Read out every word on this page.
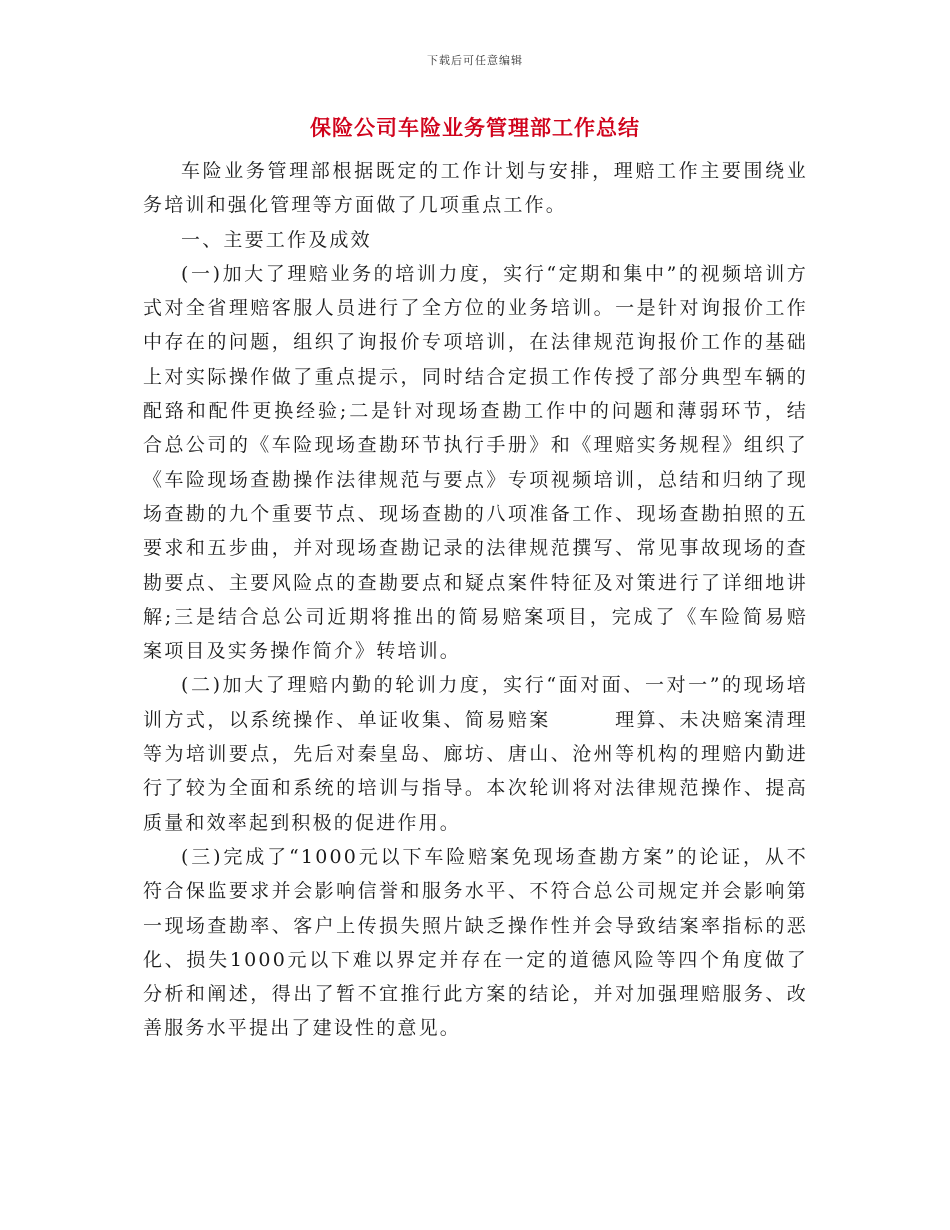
下载后可任意编辑
保险公司车险业务管理部工作总结

车险业务管理部根据既定的工作计划与安排，理赔工作主要围绕业务培训和强化管理等方面做了几项重点工作。

一、主要工作及成效

(一)加大了理赔业务的培训力度，实行“定期和集中”的视频培训方式对全省理赔客服人员进行了全方位的业务培训。一是针对询报价工作中存在的问题，组织了询报价专项培训，在法律规范询报价工作的基础上对实际操作做了重点提示，同时结合定损工作传授了部分典型车辆的配臵和配件更换经验;二是针对现场查勘工作中的问题和薄弱环节，结合总公司的《车险现场查勘环节执行手册》和《理赔实务规程》组织了《车险现场查勘操作法律规范与要点》专项视频培训，总结和归纳了现场查勘的九个重要节点、现场查勘的八项准备工作、现场查勘拍照的五要求和五步曲，并对现场查勘记录的法律规范撰写、常见事故现场的查勘要点、主要风险点的查勘要点和疑点案件特征及对策进行了详细地讲解;三是结合总公司近期将推出的简易赔案项目，完成了《车险简易赔案项目及实务操作简介》转培训。

(二)加大了理赔内勤的轮训力度，实行“面对面、一对一”的现场培训方式，以系统操作、单证收集、简易赔案　　　理算、未决赔案清理等为培训要点，先后对秦皇岛、廊坊、唐山、沧州等机构的理赔内勤进行了较为全面和系统的培训与指导。本次轮训将对法律规范操作、提高质量和效率起到积极的促进作用。

(三)完成了“1000元以下车险赔案免现场查勘方案”的论证，从不符合保监要求并会影响信誉和服务水平、不符合总公司规定并会影响第一现场查勘率、客户上传损失照片缺乏操作性并会导致结案率指标的恶化、损失1000元以下难以界定并存在一定的道德风险等四个角度做了分析和阐述，得出了暂不宜推行此方案的结论，并对加强理赔服务、改善服务水平提出了建设性的意见。
